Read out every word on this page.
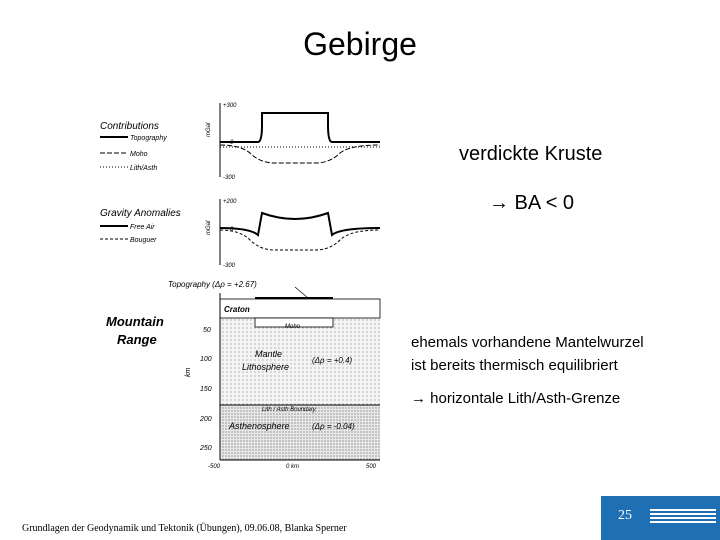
Gebirge
verdickte Kruste
→ BA < 0
ehemals vorhandene Mantelwurzel
ist bereits thermisch equilibriert
→ horizontale Lith/Asth-Grenze
Contributions
Topography
Moho
Lith/Asth
+300
0
-300
mGal
Gravity Anomalies
Free Air
Bouguer
+200
0
-300
mGal
Topography (Δρ = +2.67)
Craton
Moho
Mountain
Range
Mantle
Lithosphere
(Δρ = +0.4)
Lith / Asth Boundary
Asthenosphere	(Δρ = -0.04)
50
100
150
200
250
km
-500	0 km	500
Grundlagen der Geodynamik und Tektonik (Übungen), 09.06.08, Blanka Sperner
25
